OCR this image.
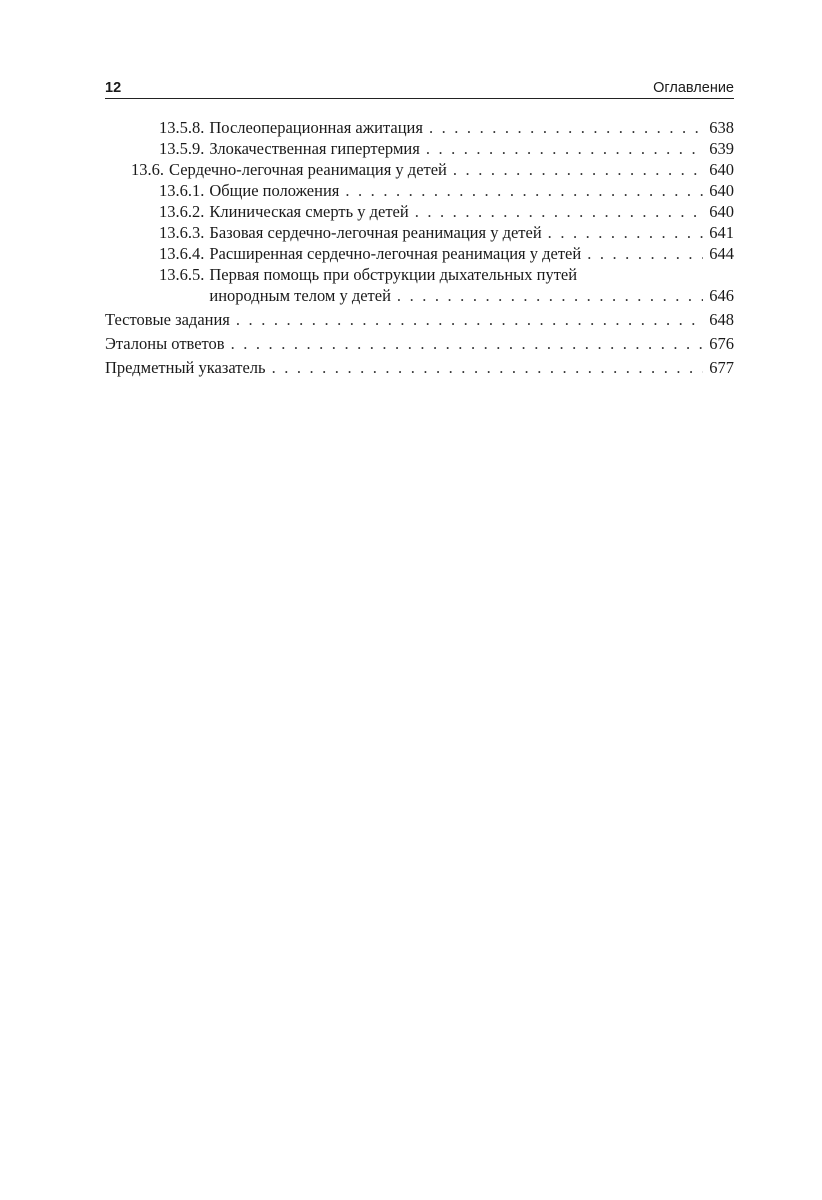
12	Оглавление
13.5.8. Послеоперационная ажитация . . .	638
13.5.9. Злокачественная гипертермия . . .	639
13.6. Сердечно-легочная реанимация у детей . . .	640
13.6.1. Общие положения . . .	640
13.6.2. Клиническая смерть у детей . . .	640
13.6.3. Базовая сердечно-легочная реанимация у детей . . .	641
13.6.4. Расширенная сердечно-легочная реанимация у детей . . .	644
13.6.5. Первая помощь при обструкции дыхательных путей
инородным телом у детей . . .	646
Тестовые задания . . .	648
Эталоны ответов . . .	676
Предметный указатель . . .	677
